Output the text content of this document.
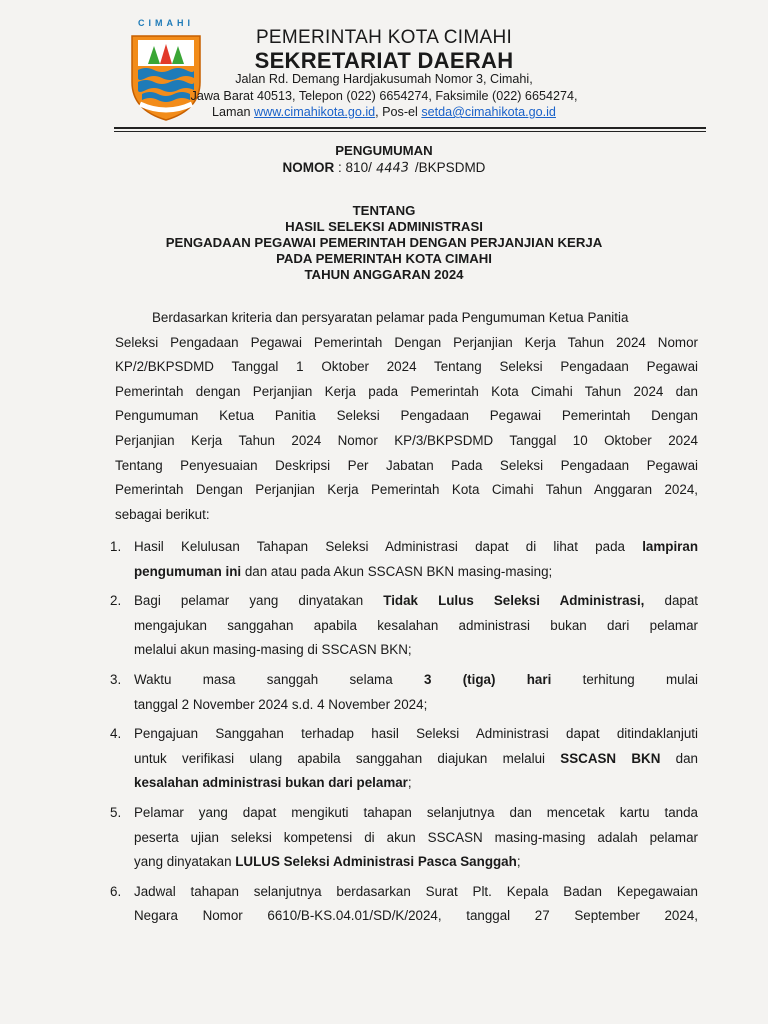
CIMAHI
PEMERINTAH KOTA CIMAHI
SEKRETARIAT DAERAH
Jalan Rd. Demang Hardjakusumah Nomor 3, Cimahi,
Jawa Barat 40513, Telepon (022) 6654274, Faksimile (022) 6654274,
Laman www.cimahikota.go.id, Pos-el setda@cimahikota.go.id
PENGUMUMAN
NOMOR : 810/ 4443 /BKPSDMD
TENTANG
HASIL SELEKSI ADMINISTRASI
PENGADAAN PEGAWAI PEMERINTAH DENGAN PERJANJIAN KERJA
PADA PEMERINTAH KOTA CIMAHI
TAHUN ANGGARAN 2024
Berdasarkan kriteria dan persyaratan pelamar pada Pengumuman Ketua Panitia
Seleksi Pengadaan Pegawai Pemerintah Dengan Perjanjian Kerja Tahun 2024 Nomor
KP/2/BKPSDMD Tanggal 1 Oktober 2024 Tentang Seleksi Pengadaan Pegawai
Pemerintah dengan Perjanjian Kerja pada Pemerintah Kota Cimahi Tahun 2024 dan
Pengumuman Ketua Panitia Seleksi Pengadaan Pegawai Pemerintah Dengan
Perjanjian Kerja Tahun 2024 Nomor KP/3/BKPSDMD Tanggal 10 Oktober 2024
Tentang Penyesuaian Deskripsi Per Jabatan Pada Seleksi Pengadaan Pegawai
Pemerintah Dengan Perjanjian Kerja Pemerintah Kota Cimahi Tahun Anggaran 2024,
sebagai berikut:
1. Hasil Kelulusan Tahapan Seleksi Administrasi dapat di lihat pada lampiran
pengumuman ini dan atau pada Akun SSCASN BKN masing-masing;
2. Bagi pelamar yang dinyatakan Tidak Lulus Seleksi Administrasi, dapat
mengajukan sanggahan apabila kesalahan administrasi bukan dari pelamar
melalui akun masing-masing di SSCASN BKN;
3. Waktu masa sanggah selama 3 (tiga) hari terhitung mulai
tanggal 2 November 2024 s.d. 4 November 2024;
4. Pengajuan Sanggahan terhadap hasil Seleksi Administrasi dapat ditindaklanjuti
untuk verifikasi ulang apabila sanggahan diajukan melalui SSCASN BKN dan
kesalahan administrasi bukan dari pelamar;
5. Pelamar yang dapat mengikuti tahapan selanjutnya dan mencetak kartu tanda
peserta ujian seleksi kompetensi di akun SSCASN masing-masing adalah pelamar
yang dinyatakan LULUS Seleksi Administrasi Pasca Sanggah;
6. Jadwal tahapan selanjutnya berdasarkan Surat Plt. Kepala Badan Kepegawaian
Negara Nomor 6610/B-KS.04.01/SD/K/2024, tanggal 27 September 2024,
